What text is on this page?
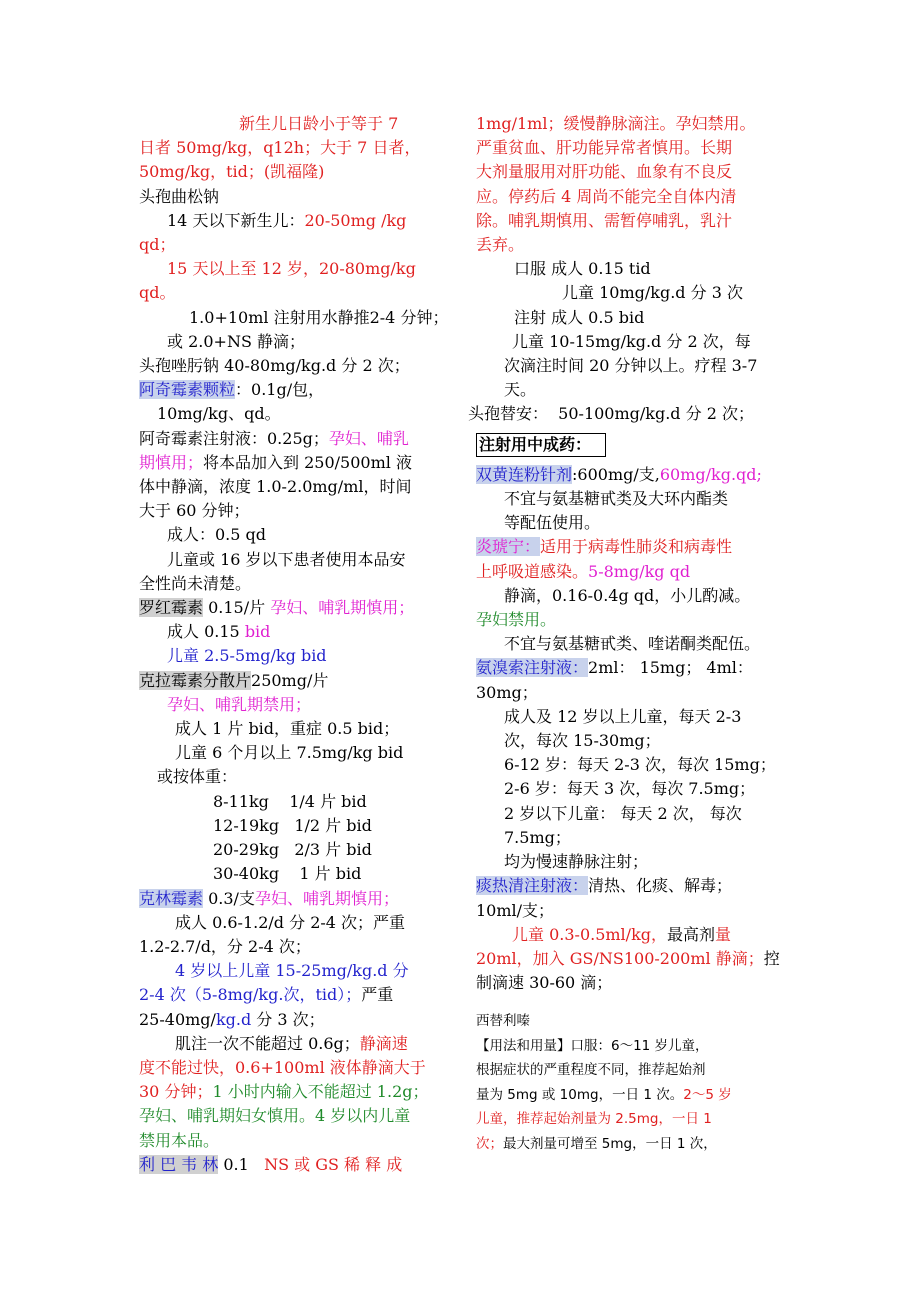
新生儿日龄小于等于 7
日者 50mg/kg，q12h；大于 7 日者，
50mg/kg，tid；(凯福隆)
头孢曲松钠
14 天以下新生儿：20-50mg /kg
qd；
15 天以上至 12 岁，20-80mg/kg
qd。
1.0+10ml 注射用水静推2-4 分钟；
或 2.0+NS 静滴；
头孢唑肟钠 40-80mg/kg.d 分 2 次；
阿奇霉素颗粒：0.1g/包，
10mg/kg、qd。
阿奇霉素注射液：0.25g；孕妇、哺乳
期慎用；将本品加入到 250/500ml 液
体中静滴，浓度 1.0-2.0mg/ml，时间
大于 60 分钟；
成人：0.5 qd
儿童或 16 岁以下患者使用本品安
全性尚未清楚。
罗红霉素 0.15/片 孕妇、哺乳期慎用；
成人 0.15 bid
儿童 2.5-5mg/kg bid
克拉霉素分散片250mg/片
孕妇、哺乳期禁用；
成人 1 片 bid，重症 0.5 bid；
儿童 6 个月以上 7.5mg/kg bid
或按体重：
8-11kg    1/4 片 bid
12-19kg   1/2 片 bid
20-29kg   2/3 片 bid
30-40kg    1 片 bid
克林霉素 0.3/支孕妇、哺乳期慎用；
成人 0.6-1.2/d 分 2-4 次；严重
1.2-2.7/d，分 2-4 次；
4 岁以上儿童 15-25mg/kg.d 分
2-4 次（5-8mg/kg.次，tid）；严重
25-40mg/kg.d 分 3 次；
肌注一次不能超过 0.6g；静滴速
度不能过快，0.6+100ml 液体静滴大于
30 分钟；1 小时内输入不能超过 1.2g；
孕妇、哺乳期妇女慎用。4 岁以内儿童
禁用本品。
利 巴 韦 林 0.1   NS 或 GS 稀 释 成
1mg/1ml；缓慢静脉滴注。孕妇禁用。
严重贫血、肝功能异常者慎用。长期
大剂量服用对肝功能、血象有不良反
应。停药后 4 周尚不能完全自体内清
除。哺乳期慎用、需暂停哺乳，乳汁
丢弃。
口服 成人 0.15 tid
儿童 10mg/kg.d 分 3 次
注射 成人 0.5 bid
儿童 10-15mg/kg.d 分 2 次，每
次滴注时间 20 分钟以上。疗程 3-7
天。
头孢替安：  50-100mg/kg.d 分 2 次；
注射用中成药：
双黄连粉针剂:600mg/支,60mg/kg.qd;
不宜与氨基糖甙类及大环内酯类
等配伍使用。
炎琥宁：适用于病毒性肺炎和病毒性
上呼吸道感染。5-8mg/kg qd
静滴，0.16-0.4g qd，小儿酌减。
孕妇禁用。
不宜与氨基糖甙类、喹诺酮类配伍。
氨溴索注射液：2ml： 15mg； 4ml：
30mg；
成人及 12 岁以上儿童，每天 2-3
次，每次 15-30mg；
6-12 岁：每天 2-3 次，每次 15mg；
2-6 岁：每天 3 次，每次 7.5mg；
2 岁以下儿童： 每天 2 次， 每次
7.5mg；
均为慢速静脉注射；
痰热清注射液：清热、化痰、解毒；
10ml/支；
儿童 0.3-0.5ml/kg，最高剂量
20ml，加入 GS/NS100-200ml 静滴；控
制滴速 30-60 滴；

西替利嗪
【用法和用量】口服：6～11 岁儿童，
根据症状的严重程度不同，推荐起始剂
量为 5mg 或 10mg，一日 1 次。2～5 岁
儿童，推荐起始剂量为 2.5mg，一日 1
次；最大剂量可增至 5mg，一日 1 次，
